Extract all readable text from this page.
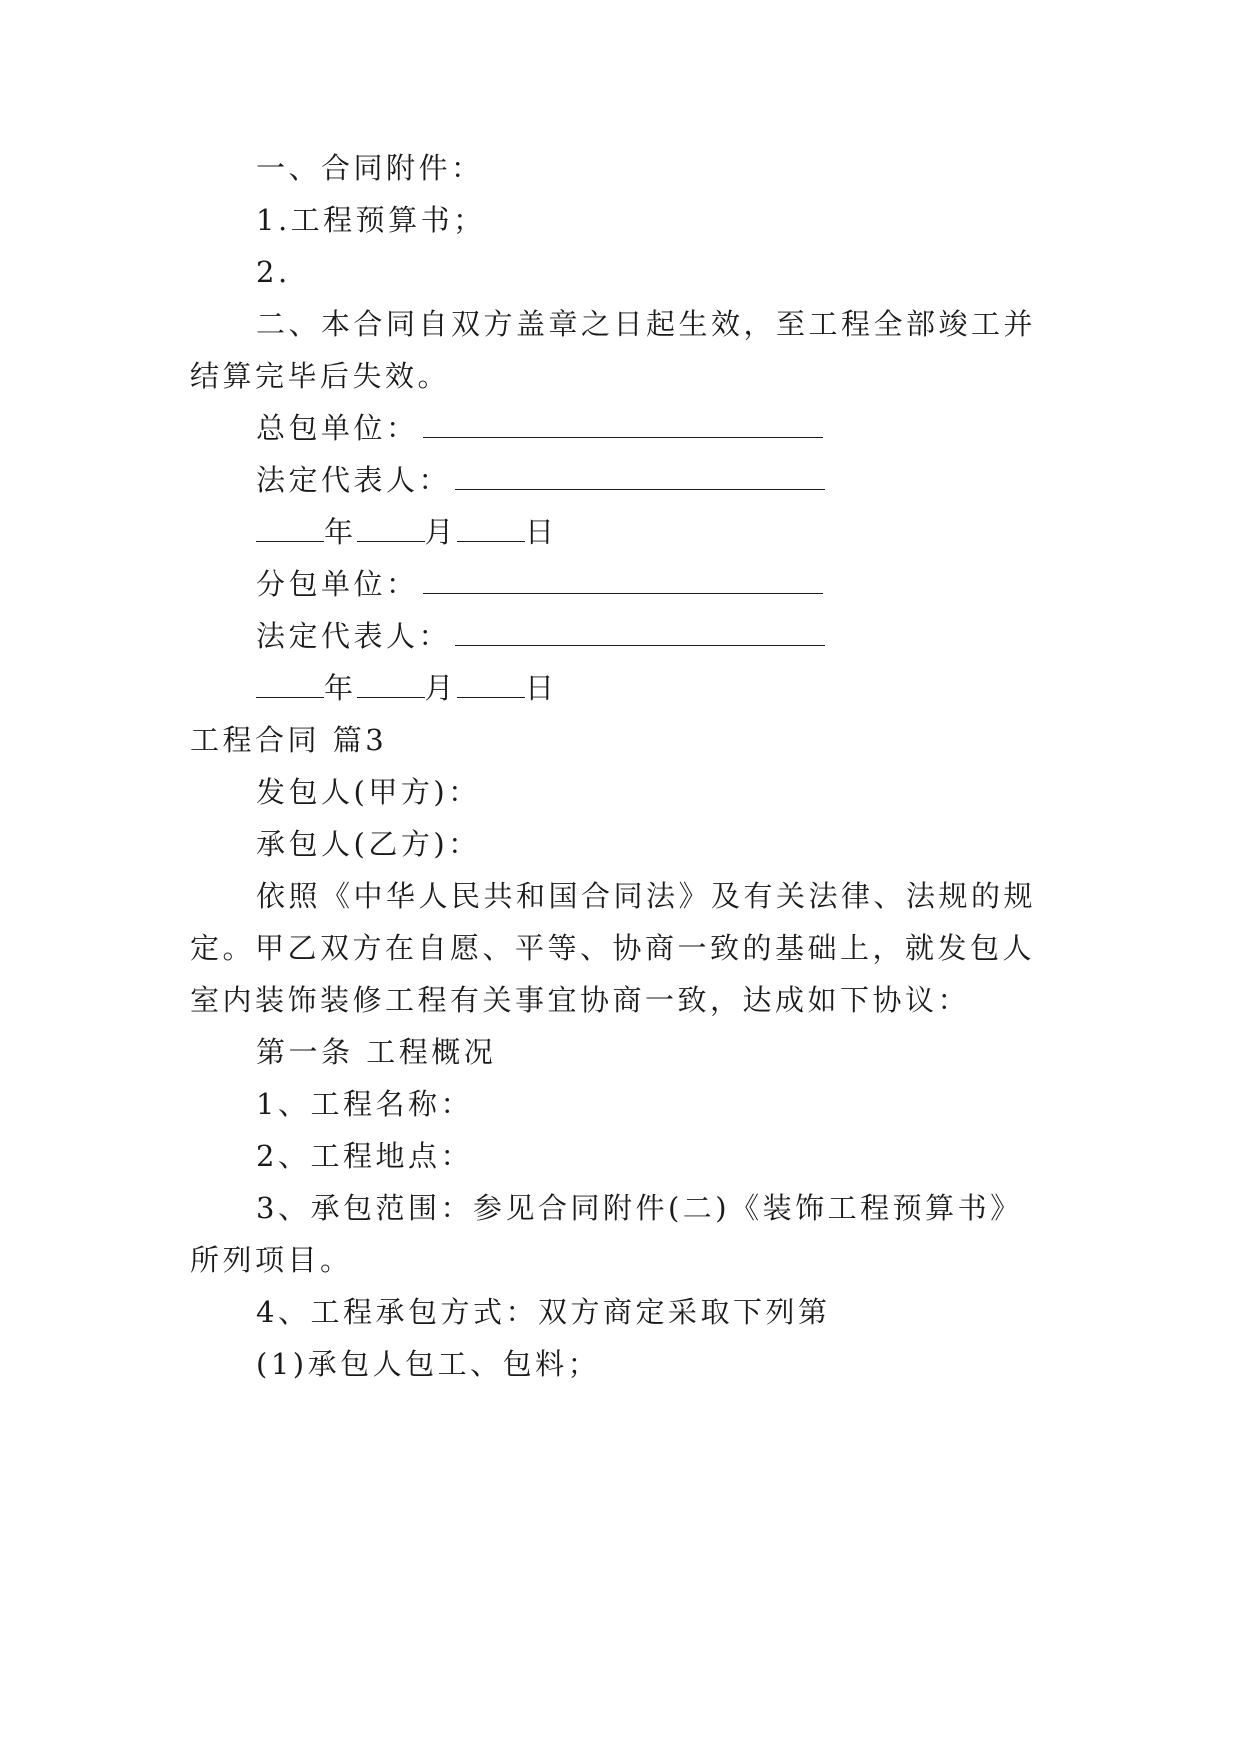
一、合同附件：
1.工程预算书；
2.
二、本合同自双方盖章之日起生效，至工程全部竣工并
结算完毕后失效。
总包单位：
法定代表人：
年 月 日
分包单位：
法定代表人：
年 月 日
工程合同 篇3
发包人(甲方)：
承包人(乙方)：
依照《中华人民共和国合同法》及有关法律、法规的规
定。甲乙双方在自愿、平等、协商一致的基础上，就发包人
室内装饰装修工程有关事宜协商一致，达成如下协议：
第一条 工程概况
1、工程名称：
2、工程地点：
3、承包范围：参见合同附件(二)《装饰工程预算书》
所列项目。
4、工程承包方式：双方商定采取下列第
(1)承包人包工、包料；
